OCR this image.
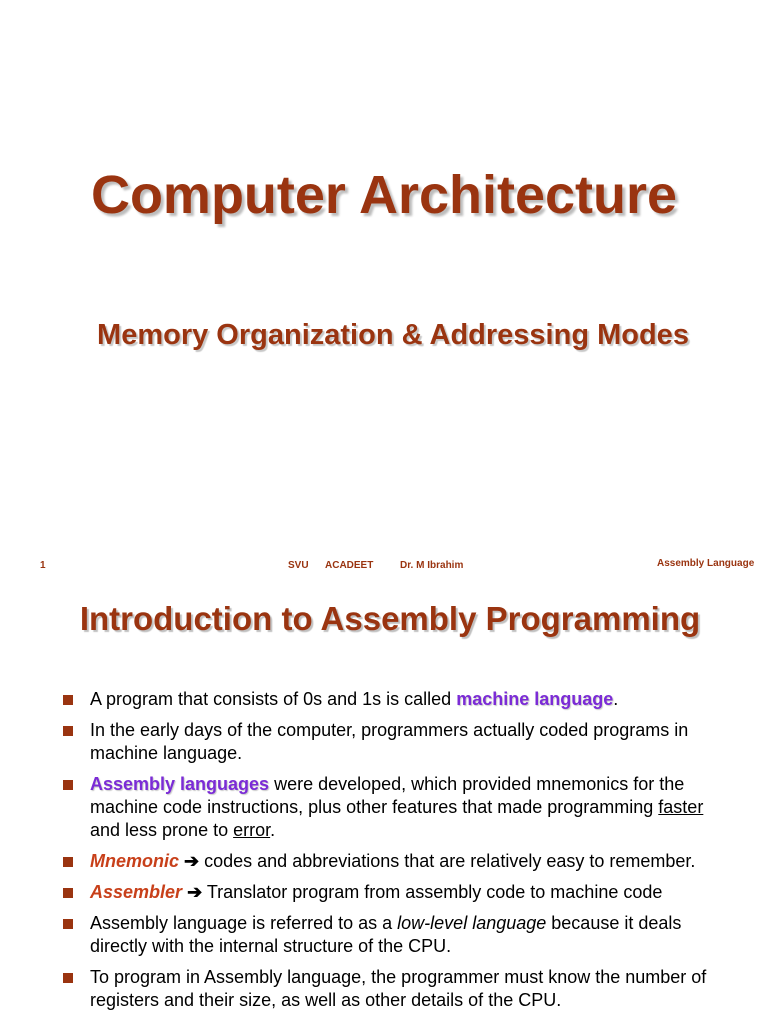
Computer Architecture
Memory Organization & Addressing Modes
1	SVU ACADEET	Dr. M Ibrahim	Assembly Language
Introduction to Assembly Programming
A program that consists of 0s and 1s is called machine language.
In the early days of the computer, programmers actually coded programs in machine language.
Assembly languages were developed, which provided mnemonics for the machine code instructions, plus other features that made programming faster and less prone to error.
Mnemonic ➔ codes and abbreviations that are relatively easy to remember.
Assembler ➔ Translator program from assembly code to machine code
Assembly language is referred to as a low-level language because it deals directly with the internal structure of the CPU.
To program in Assembly language, the programmer must know the number of registers and their size, as well as other details of the CPU.
